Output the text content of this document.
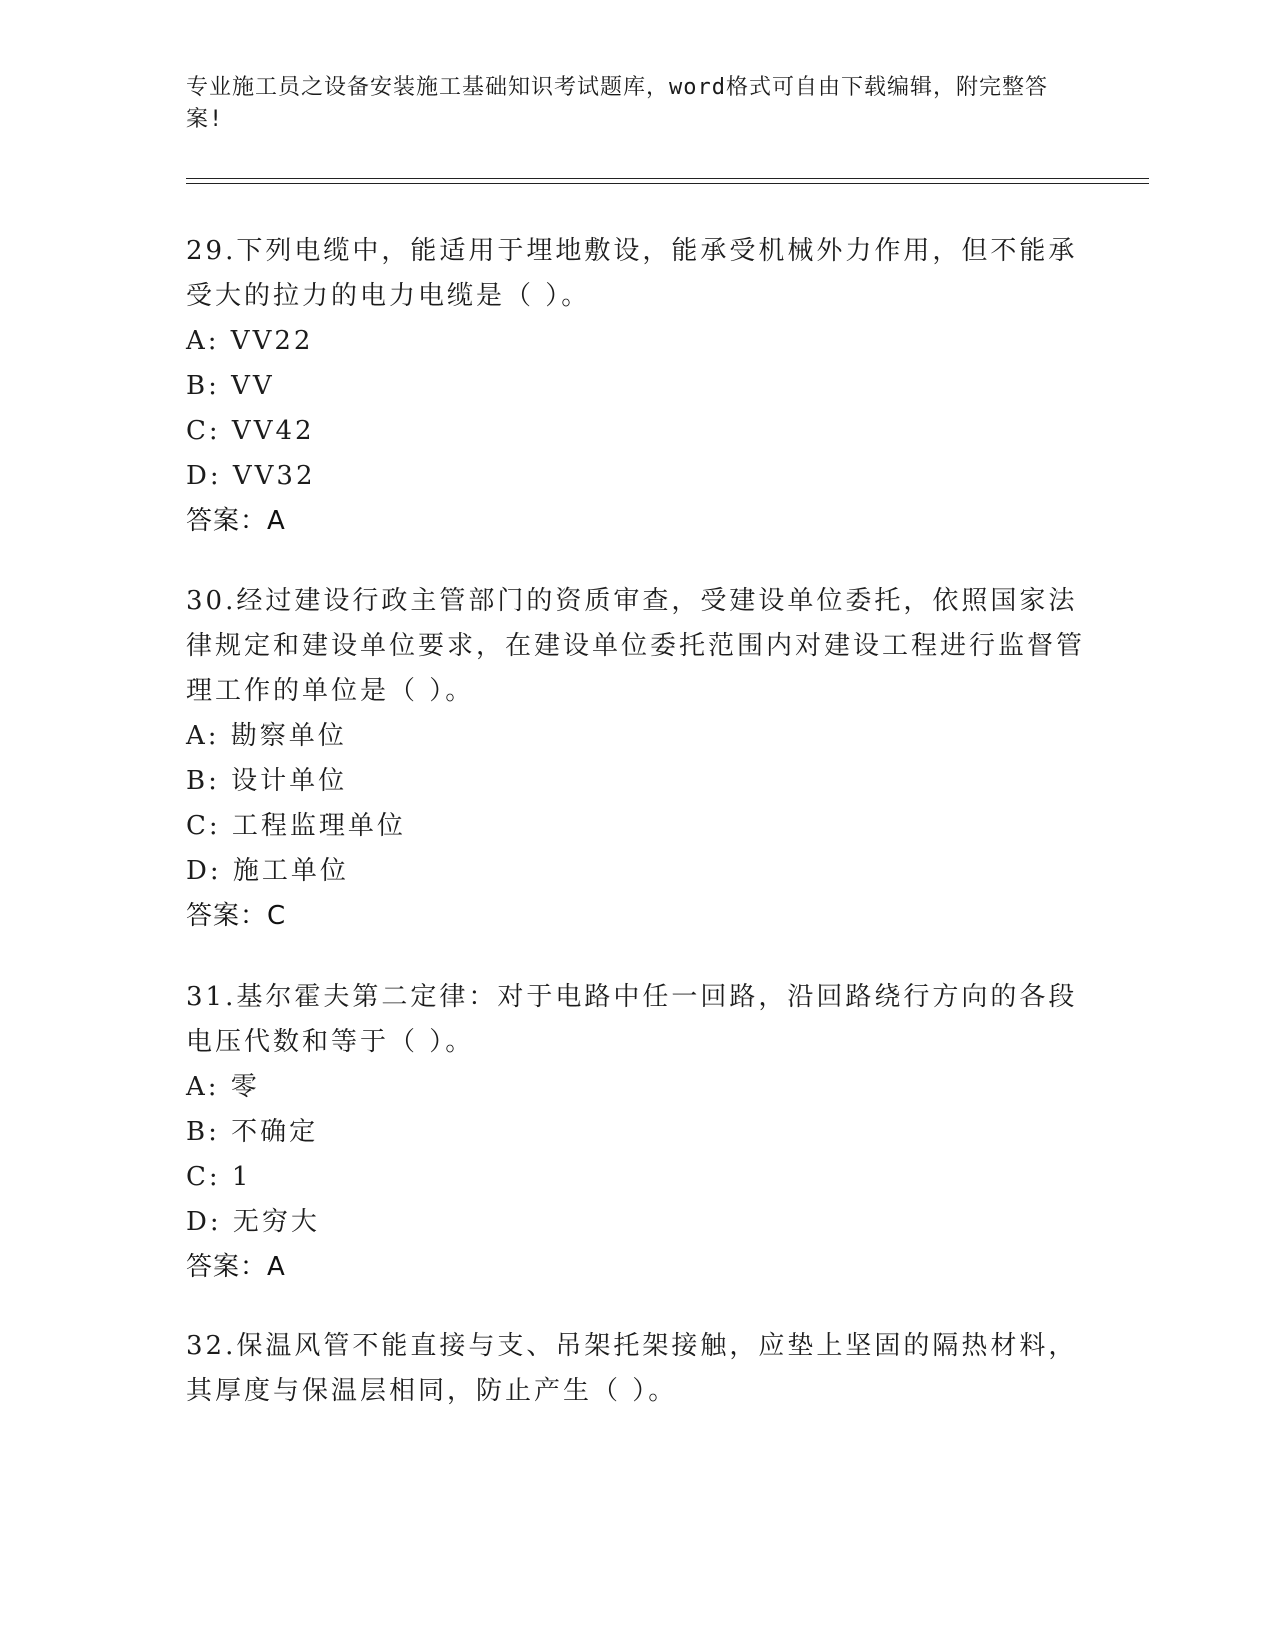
专业施工员之设备安装施工基础知识考试题库，word格式可自由下载编辑，附完整答案!
29.下列电缆中，能适用于埋地敷设，能承受机械外力作用，但不能承受大的拉力的电力电缆是（ ）。
A: VV22
B: VV
C: VV42
D: VV32
答案：A
30.经过建设行政主管部门的资质审查，受建设单位委托，依照国家法律规定和建设单位要求，在建设单位委托范围内对建设工程进行监督管理工作的单位是（ ）。
A: 勘察单位
B: 设计单位
C: 工程监理单位
D: 施工单位
答案：C
31.基尔霍夫第二定律：对于电路中任一回路，沿回路绕行方向的各段电压代数和等于（ ）。
A: 零
B: 不确定
C: 1
D: 无穷大
答案：A
32.保温风管不能直接与支、吊架托架接触，应垫上坚固的隔热材料，其厚度与保温层相同，防止产生（ ）。
